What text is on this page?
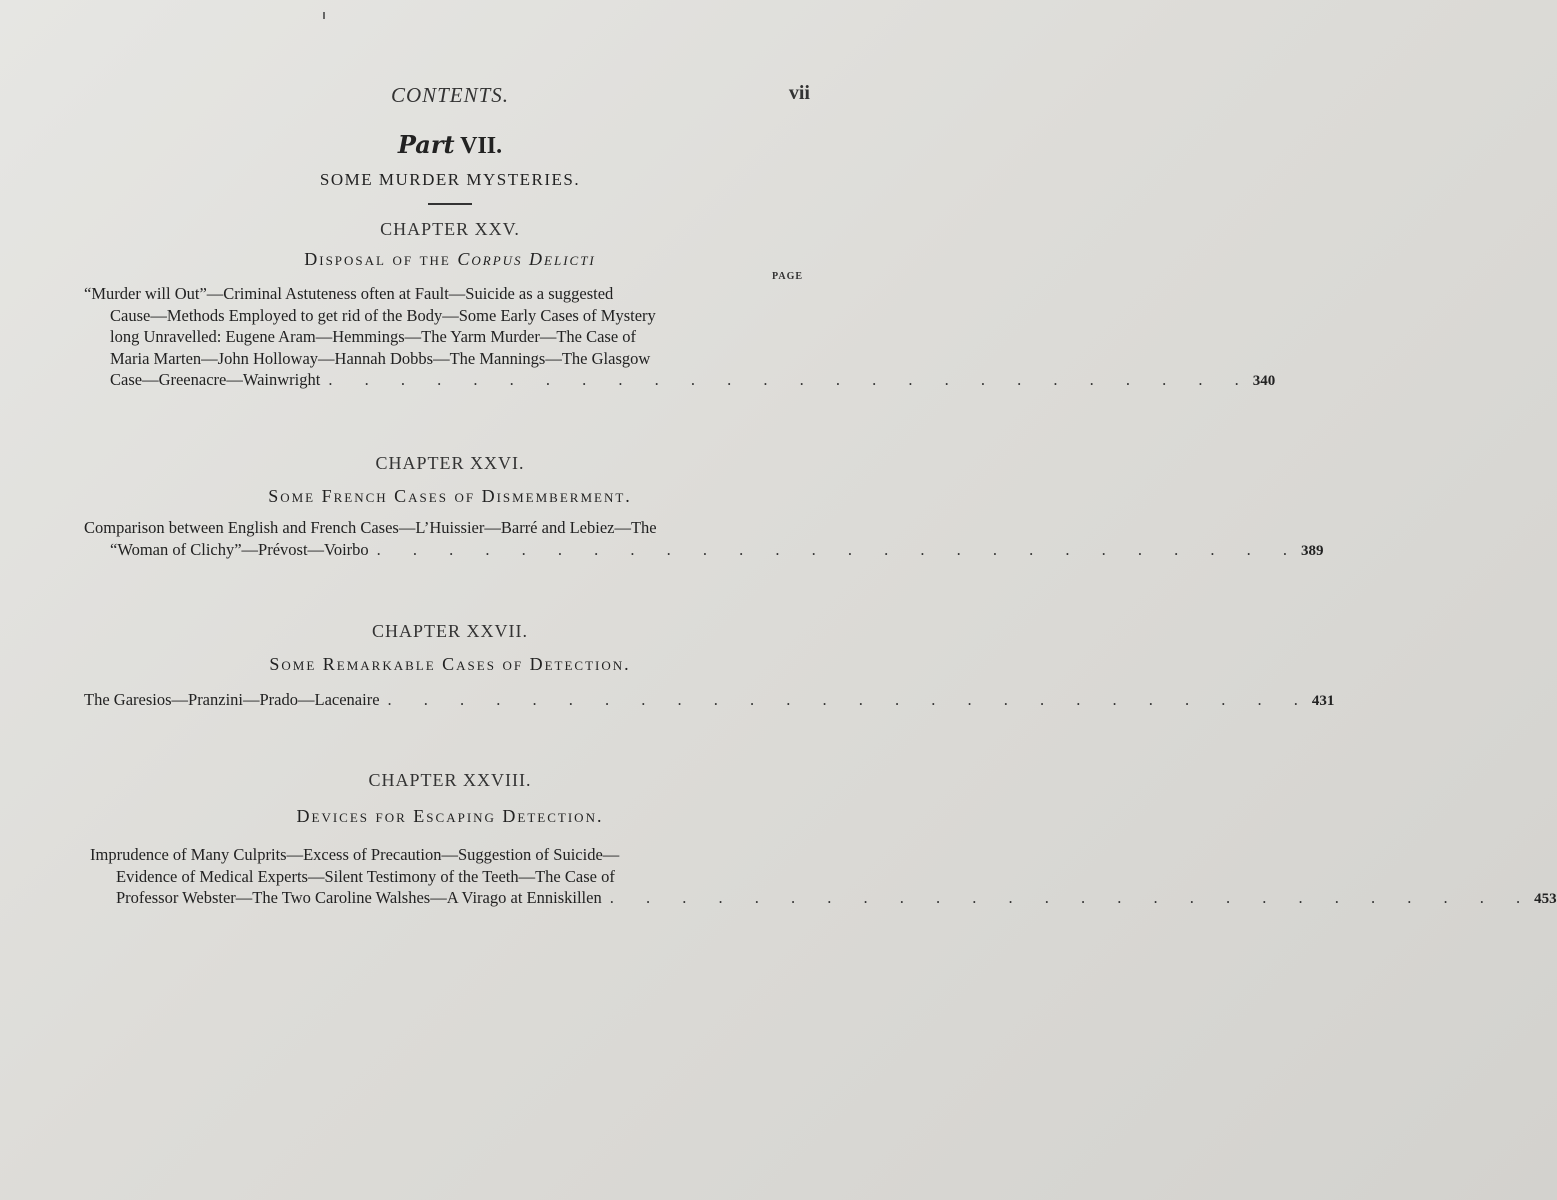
CONTENTS.	vii
Part VII.
SOME MURDER MYSTERIES.
CHAPTER XXV.
Disposal of the Corpus Delicti
PAGE
“Murder will Out”—Criminal Astuteness often at Fault—Suicide as a suggested
Cause—Methods Employed to get rid of the Body—Some Early Cases of Mystery
long Unravelled: Eugene Aram—Hemmings—The Yarm Murder—The Case of
Maria Marten—John Holloway—Hannah Dobbs—The Mannings—The Glasgow
Case—Greenacre—Wainwright . . . . . . . . . . . . . . . . . . . . . . . . . . 340
CHAPTER XXVI.
Some French Cases of Dismemberment.
Comparison between English and French Cases—L’Huissier—Barré and Lebiez—The
“Woman of Clichy”—Prévost—Voirbo . . . . . . . . . . . . . . . . . . . . . . . . . . 389
CHAPTER XXVII.
Some Remarkable Cases of Detection.
The Garesios—Pranzini—Prado—Lacenaire . . . . . . . . . . . . . . . . . . . . . . . . . . 431
CHAPTER XXVIII.
Devices for Escaping Detection.
Imprudence of Many Culprits—Excess of Precaution—Suggestion of Suicide—
Evidence of Medical Experts—Silent Testimony of the Teeth—The Case of
Professor Webster—The Two Caroline Walshes—A Virago at Enniskillen . . . . . . . . . . . . . . . . . . . . . . . . . . 453
